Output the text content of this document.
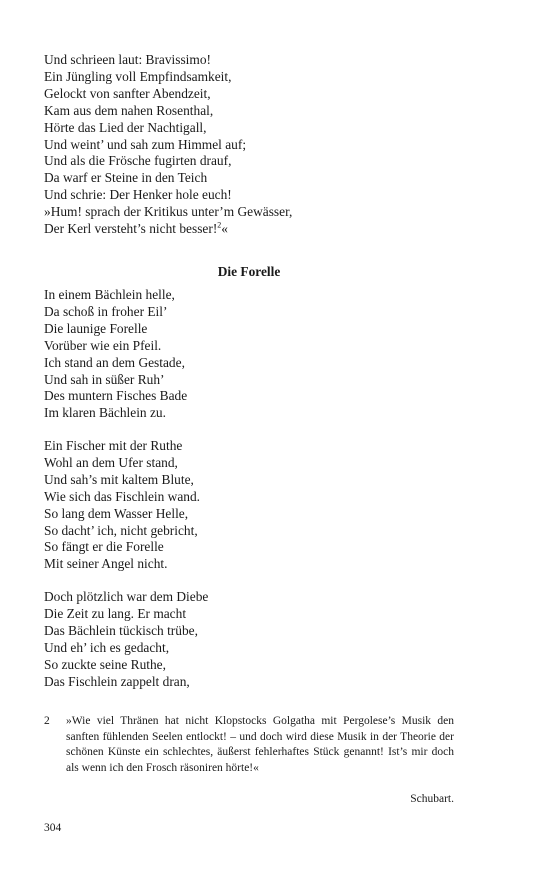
Und schrieen laut: Bravissimo!
Ein Jüngling voll Empfindsamkeit,
Gelockt von sanfter Abendzeit,
Kam aus dem nahen Rosenthal,
Hörte das Lied der Nachtigall,
Und weint’ und sah zum Himmel auf;
Und als die Frösche fugirten drauf,
Da warf er Steine in den Teich
Und schrie: Der Henker hole euch!
»Hum! sprach der Kritikus unter’m Gewässer,
Der Kerl versteht’s nicht besser!$^2$«
Die Forelle
In einem Bächlein helle,
Da schoß in froher Eil’
Die launige Forelle
Vorüber wie ein Pfeil.
Ich stand an dem Gestade,
Und sah in süßer Ruh’
Des muntern Fisches Bade
Im klaren Bächlein zu.
Ein Fischer mit der Ruthe
Wohl an dem Ufer stand,
Und sah’s mit kaltem Blute,
Wie sich das Fischlein wand.
So lang dem Wasser Helle,
So dacht’ ich, nicht gebricht,
So fängt er die Forelle
Mit seiner Angel nicht.
Doch plötzlich war dem Diebe
Die Zeit zu lang. Er macht
Das Bächlein tückisch trübe,
Und eh’ ich es gedacht,
So zuckte seine Ruthe,
Das Fischlein zappelt dran,
2 »Wie viel Thränen hat nicht Klopstocks Golgatha mit Pergolese’s Musik den sanften fühlenden Seelen entlockt! – und doch wird diese Musik in der Theorie der schönen Künste ein schlechtes, äußerst fehlerhaftes Stück genannt! Ist’s mir doch als wenn ich den Frosch räsoniren hörte!«
Schubart.
304
